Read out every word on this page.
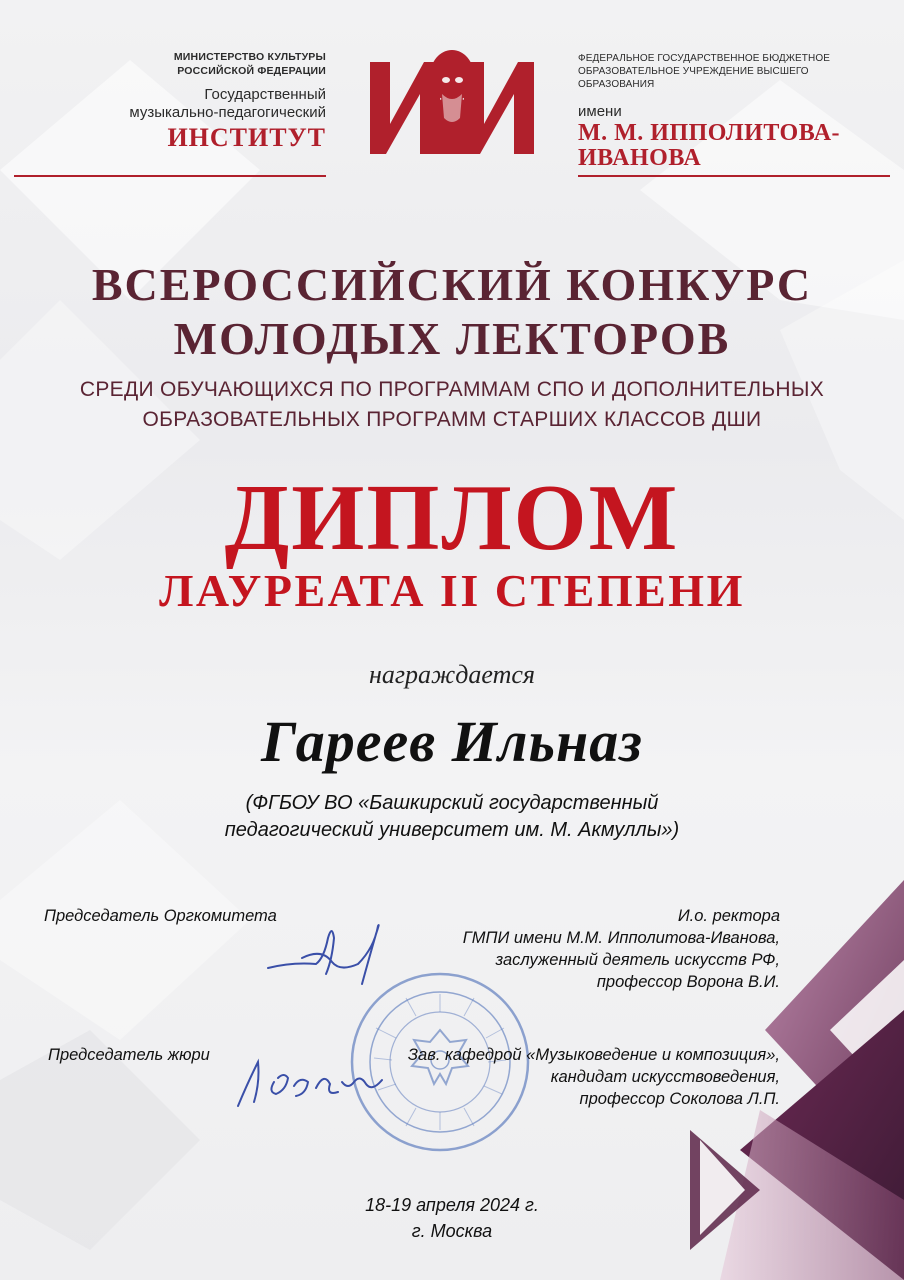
МИНИСТЕРСТВО КУЛЬТУРЫ
РОССИЙСКОЙ ФЕДЕРАЦИИ
Государственный
музыкально-педагогический
ИНСТИТУТ
ФЕДЕРАЛЬНОЕ ГОСУДАРСТВЕННОЕ БЮДЖЕТНОЕ
ОБРАЗОВАТЕЛЬНОЕ УЧРЕЖДЕНИЕ ВЫСШЕГО ОБРАЗОВАНИЯ
имени
М. М. ИППОЛИТОВА-
ИВАНОВА
ВСЕРОССИЙСКИЙ КОНКУРС
МОЛОДЫХ ЛЕКТОРОВ
СРЕДИ ОБУЧАЮЩИХСЯ ПО ПРОГРАММАМ СПО И ДОПОЛНИТЕЛЬНЫХ
ОБРАЗОВАТЕЛЬНЫХ ПРОГРАММ СТАРШИХ КЛАССОВ ДШИ
ДИПЛОМ
ЛАУРЕАТА II СТЕПЕНИ
награждается
Гареев Ильназ
(ФГБОУ ВО «Башкирский государственный
педагогический университет им. М. Акмуллы»)
Председатель Оргкомитета
Председатель жюри
И.о. ректора
ГМПИ имени М.М. Ипполитова-Иванова,
заслуженный деятель искусств РФ,
профессор Ворона В.И.
Зав. кафедрой «Музыковедение и композиция»,
кандидат искусствоведения,
профессор Соколова Л.П.
18-19 апреля 2024 г.
г. Москва
